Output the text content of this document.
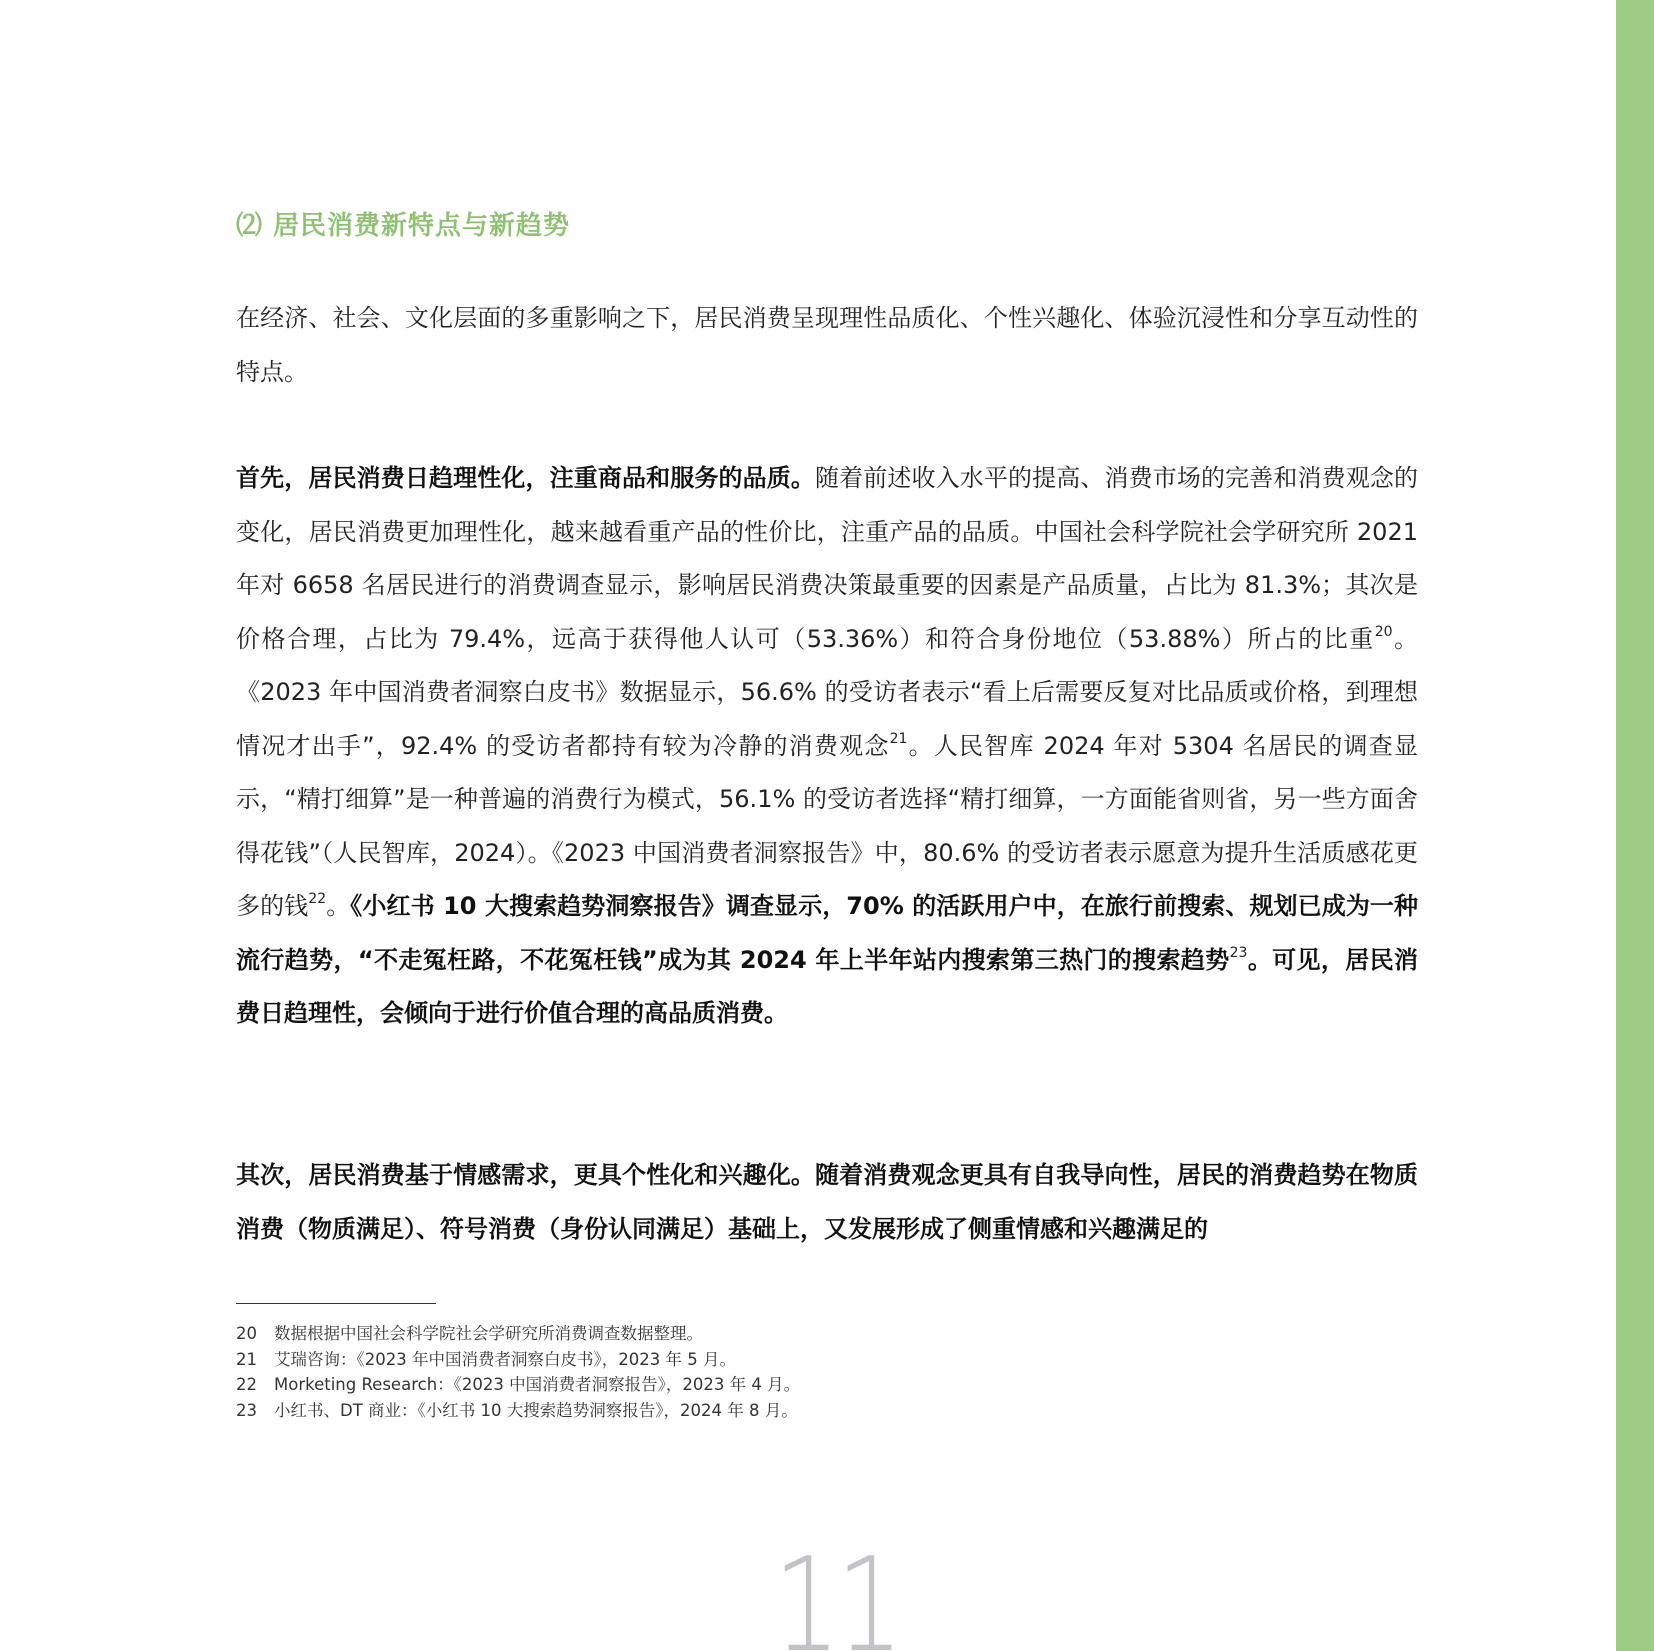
⑵ 居民消费新特点与新趋势
在经济、社会、文化层面的多重影响之下，居民消费呈现理性品质化、个性兴趣化、体验沉浸性和分享互动性的特点。
首先，居民消费日趋理性化，注重商品和服务的品质。随着前述收入水平的提高、消费市场的完善和消费观念的变化，居民消费更加理性化，越来越看重产品的性价比，注重产品的品质。中国社会科学院社会学研究所 2021 年对 6658 名居民进行的消费调查显示，影响居民消费决策最重要的因素是产品质量，占比为 81.3%；其次是价格合理，占比为 79.4%，远高于获得他人认可（53.36%）和符合身份地位（53.88%）所占的比重$^{20}$。《2023 年中国消费者洞察白皮书》数据显示，56.6% 的受访者表示“看上后需要反复对比品质或价格，到理想情况才出手”，92.4% 的受访者都持有较为冷静的消费观念$^{21}$。人民智库 2024 年对 5304 名居民的调查显示，“精打细算”是一种普遍的消费行为模式，56.1% 的受访者选择“精打细算，一方面能省则省，另一些方面舍得花钱”（人民智库，2024）。《2023 中国消费者洞察报告》中，80.6% 的受访者表示愿意为提升生活质感花更多的钱$^{22}$。《小红书 10 大搜索趋势洞察报告》调查显示，70% 的活跃用户中，在旅行前搜索、规划已成为一种流行趋势，“不走冤枉路，不花冤枉钱”成为其 2024 年上半年站内搜索第三热门的搜索趋势$^{23}$。可见，居民消费日趋理性，会倾向于进行价值合理的高品质消费。
其次，居民消费基于情感需求，更具个性化和兴趣化。随着消费观念更具有自我导向性，居民的消费趋势在物质消费（物质满足）、符号消费（身份认同满足）基础上，又发展形成了侧重情感和兴趣满足的
20 数据根据中国社会科学院社会学研究所消费调查数据整理。
21 艾瑞咨询：《2023 年中国消费者洞察白皮书》，2023 年 5 月。
22 Morketing Research：《2023 中国消费者洞察报告》，2023 年 4 月。
23 小红书、DT 商业：《小红书 10 大搜索趋势洞察报告》，2024 年 8 月。
11
